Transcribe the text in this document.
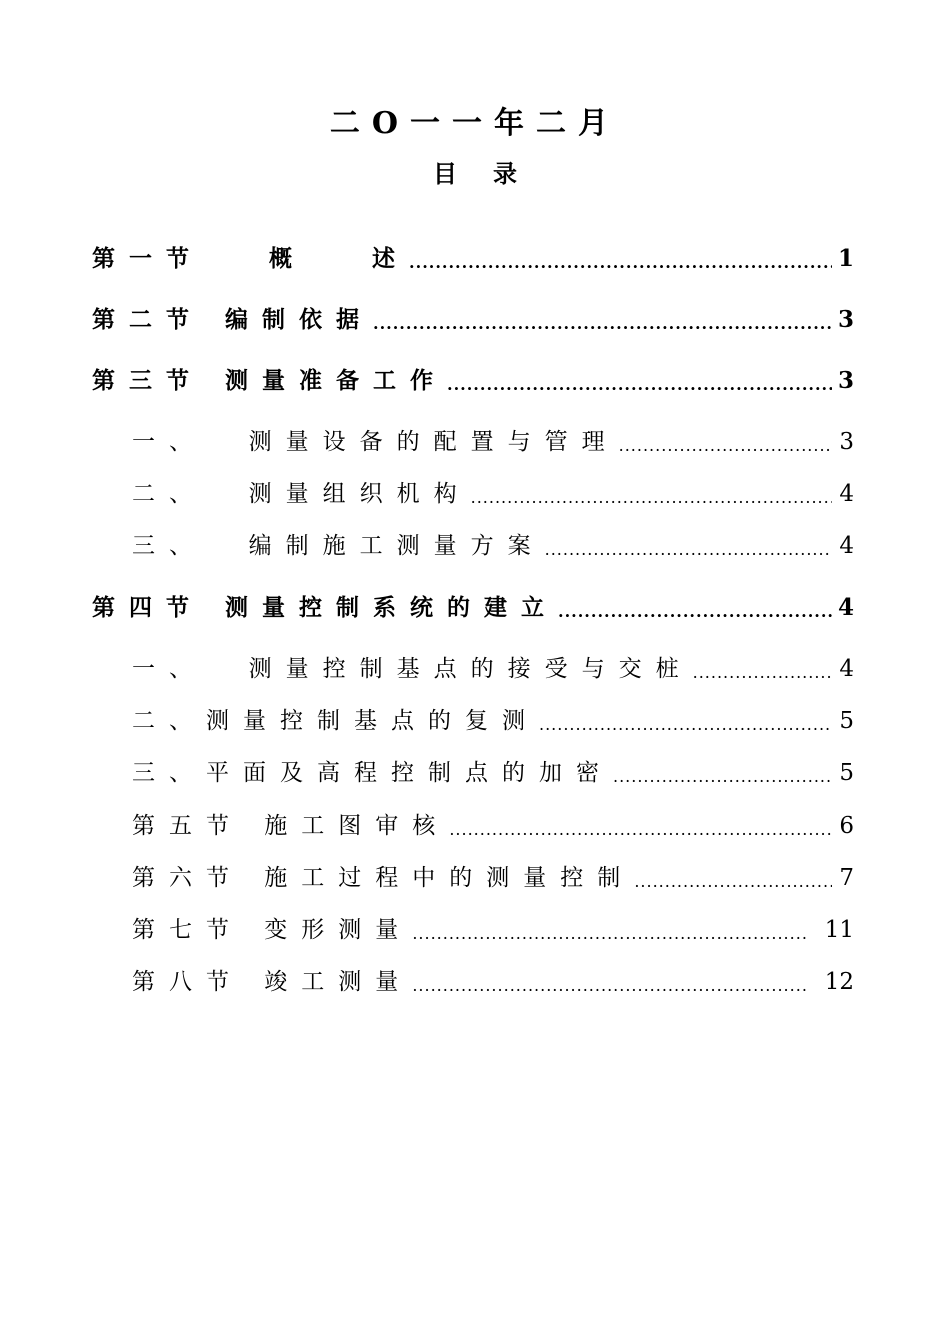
二O一一年二月
目录
第一节   概   述 .....	1
第二节 编制依据 .....	3
第三节 测量准备工作 .....	3
一、  测量设备的配置与管理 .....	3
二、  测量组织机构 .....	4
三、  编制施工测量方案 .....	4
第四节 测量控制系统的建立 .....	4
一、  测量控制基点的接受与交桩 .....	4
二、测量控制基点的复测 .....	5
三、平面及高程控制点的加密 .....	5
第五节 施工图审核 .....	6
第六节 施工过程中的测量控制 .....	7
第七节 变形测量 .....	11
第八节 竣工测量 .....	12
